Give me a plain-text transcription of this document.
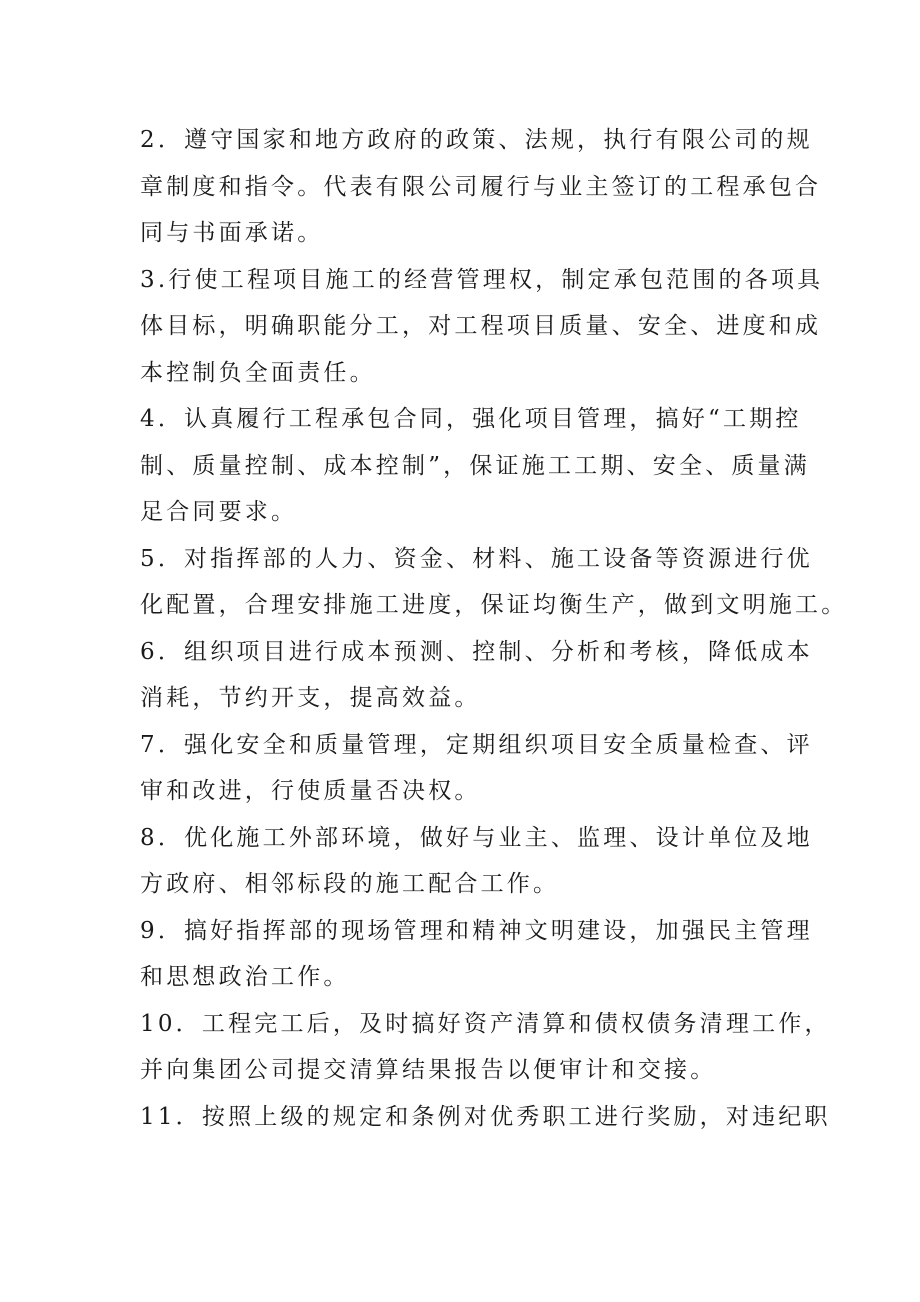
2．遵守国家和地方政府的政策、法规，执行有限公司的规
章制度和指令。代表有限公司履行与业主签订的工程承包合
同与书面承诺。

3.行使工程项目施工的经营管理权，制定承包范围的各项具
体目标，明确职能分工，对工程项目质量、安全、进度和成
本控制负全面责任。

4．认真履行工程承包合同，强化项目管理，搞好“工期控
制、质量控制、成本控制”，保证施工工期、安全、质量满
足合同要求。

5．对指挥部的人力、资金、材料、施工设备等资源进行优
化配置，合理安排施工进度，保证均衡生产，做到文明施工。

6．组织项目进行成本预测、控制、分析和考核，降低成本
消耗，节约开支，提高效益。

7．强化安全和质量管理，定期组织项目安全质量检查、评
审和改进，行使质量否决权。

8．优化施工外部环境，做好与业主、监理、设计单位及地
方政府、相邻标段的施工配合工作。

9．搞好指挥部的现场管理和精神文明建设，加强民主管理
和思想政治工作。

10．工程完工后，及时搞好资产清算和债权债务清理工作，
并向集团公司提交清算结果报告以便审计和交接。

11．按照上级的规定和条例对优秀职工进行奖励，对违纪职
